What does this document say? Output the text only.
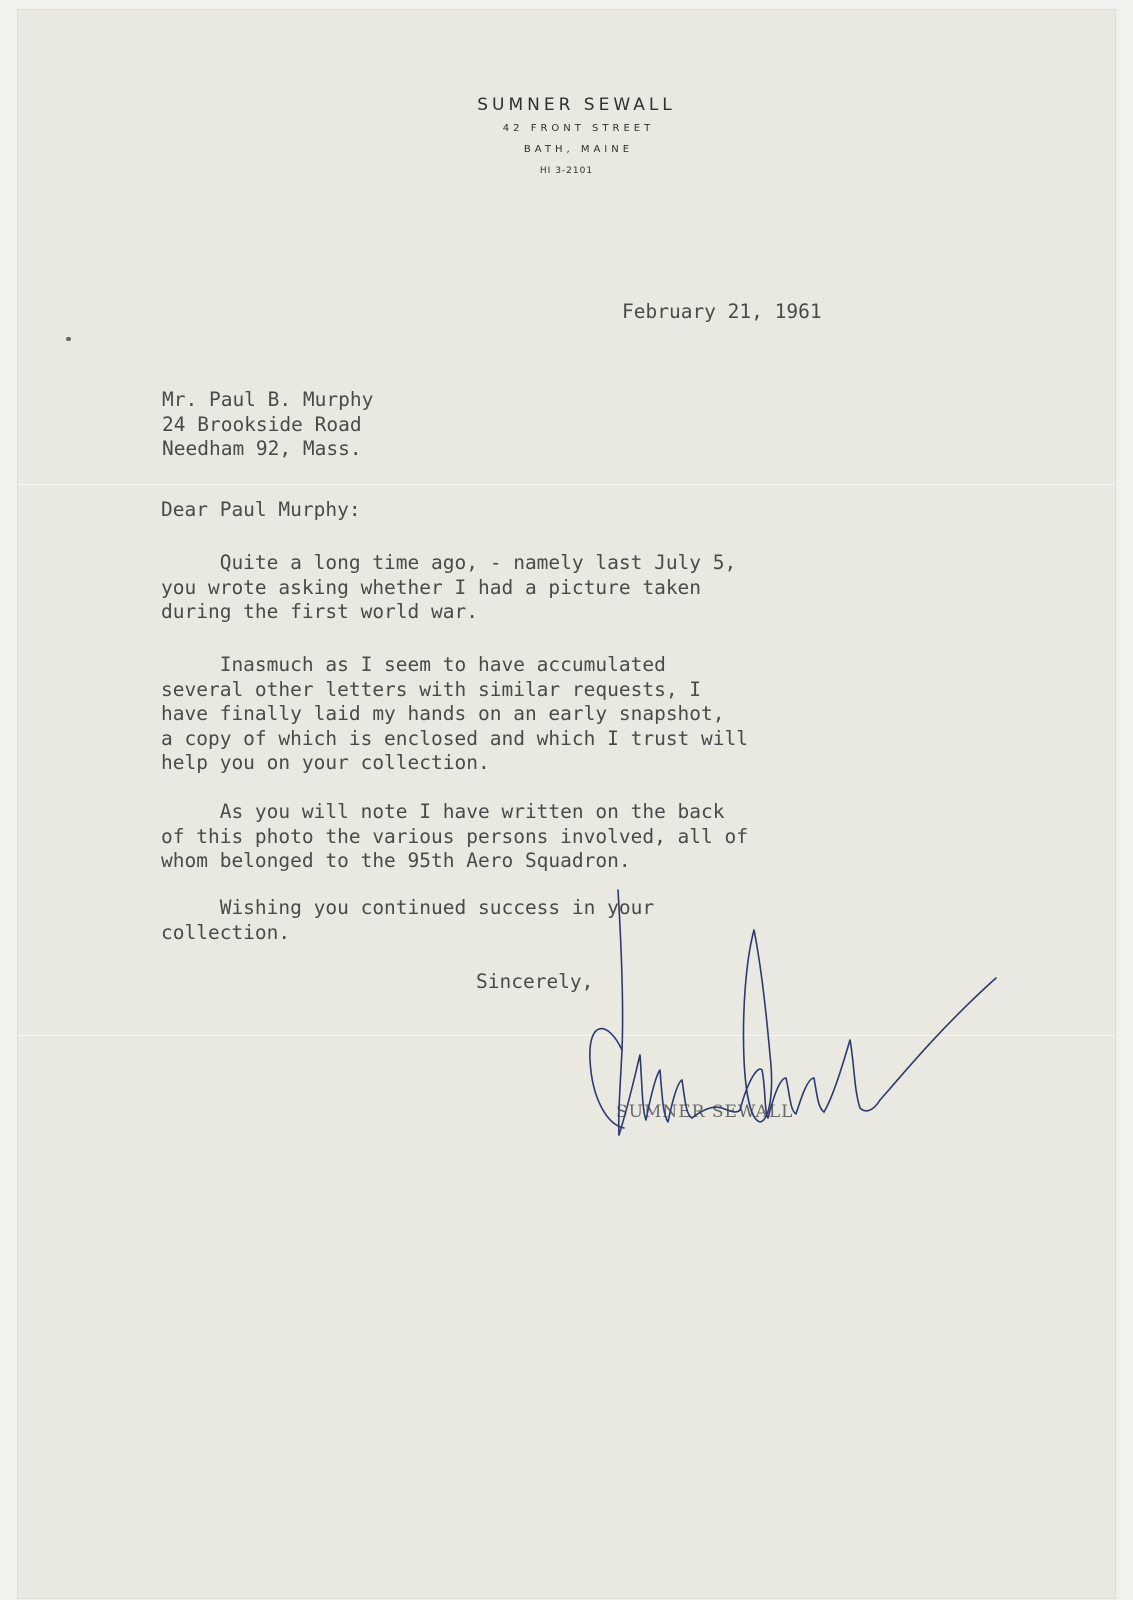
SUMNER SEWALL
42 FRONT STREET
BATH, MAINE
HI 3-2101
February 21, 1961
Mr. Paul B. Murphy
24 Brookside Road
Needham 92, Mass.
Dear Paul Murphy:
Quite a long time ago, - namely last July 5,
you wrote asking whether I had a picture taken
during the first world war.
Inasmuch as I seem to have accumulated
several other letters with similar requests, I
have finally laid my hands on an early snapshot,
a copy of which is enclosed and which I trust will
help you on your collection.
As you will note I have written on the back
of this photo the various persons involved, all of
whom belonged to the 95th Aero Squadron.
Wishing you continued success in your
collection.
Sincerely,
SUMNER SEWALL
